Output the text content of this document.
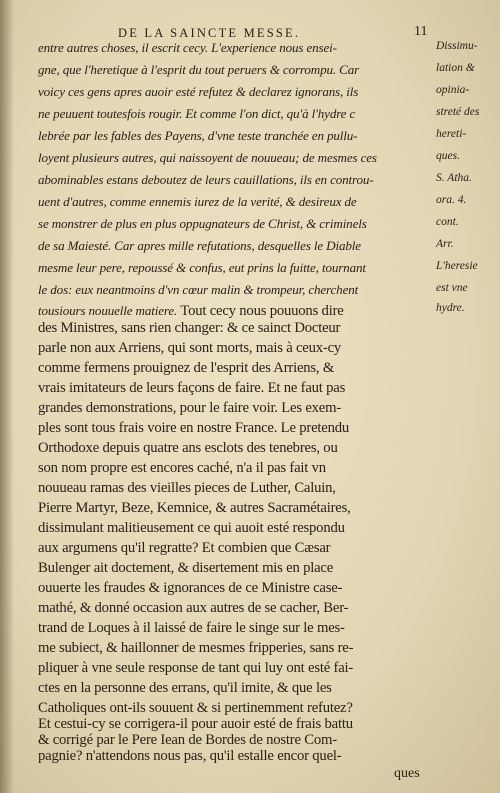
DE LA SAINCTE MESSE.	11
entre autres choses, il escrit cecy. L'experience nous ensei-
gne, que l'heretique à l'esprit du tout peruers & corrompu. Car
voicy ces gens apres auoir esté refutez & declarez ignorans, ils
ne peuuent toutesfois rougir. Et comme l'on dict, qu'à l'hydre c
lebrée par les fables des Payens, d'vne teste tranchée en pullu-
loyent plusieurs autres, qui naissoyent de nouueau; de mesmes ces
abominables estans deboutez de leurs cauillations, ils en controu-
uent d'autres, comme ennemis iurez de la verité, & desireux de
se monstrer de plus en plus oppugnateurs de Christ, & criminels
de sa Maiesté. Car apres mille refutations, desquelles le Diable
mesme leur pere, repoussé & confus, eut prins la fuitte, tournant
le dos: eux neantmoins d'vn cœur malin & trompeur, cherchent
tousiours nouuelle matiere. Tout cecy nous pouuons dire
des Ministres, sans rien changer: & ce sainct Docteur
parle non aux Arriens, qui sont morts, mais à ceux-cy
comme fermens prouignez de l'esprit des Arriens, &
vrais imitateurs de leurs façons de faire. Et ne faut pas
grandes demonstrations, pour le faire voir. Les exem-
ples sont tous frais voire en nostre France. Le pretendu
Orthodoxe depuis quatre ans esclots des tenebres, ou
son nom propre est encores caché, n'a il pas fait vn
nouueau ramas des vieilles pieces de Luther, Caluin,
Pierre Martyr, Beze, Kemnice, & autres Sacramétaires,
dissimulant malitieusement ce qui auoit esté respondu
aux argumens qu'il regratte? Et combien que Cæsar
Bulenger ait doctement, & disertement mis en place
ouuerte les fraudes & ignorances de ce Ministre case-
mathé, & donné occasion aux autres de se cacher, Ber-
trand de Loques à il laissé de faire le singe sur le mes-
me subiect, & haillonner de mesmes fripperies, sans re-
pliquer à vne seule response de tant qui luy ont esté fai-
ctes en la personne des errans, qu'il imite, & que les
Catholiques ont-ils souuent & si pertinemment refutez?
Et cestui-cy se corrigera-il pour auoir esté de frais battu
& corrigé par le Pere Iean de Bordes de nostre Com-
pagnie? n'attendons nous pas, qu'il estalle encor quel-
Dissimu-
lation &
opinia-
streté des
hereti-
ques.
S. Atha.
ora. 4.
cont.
Arr.
L'heresie
est vne
hydre.
ques
